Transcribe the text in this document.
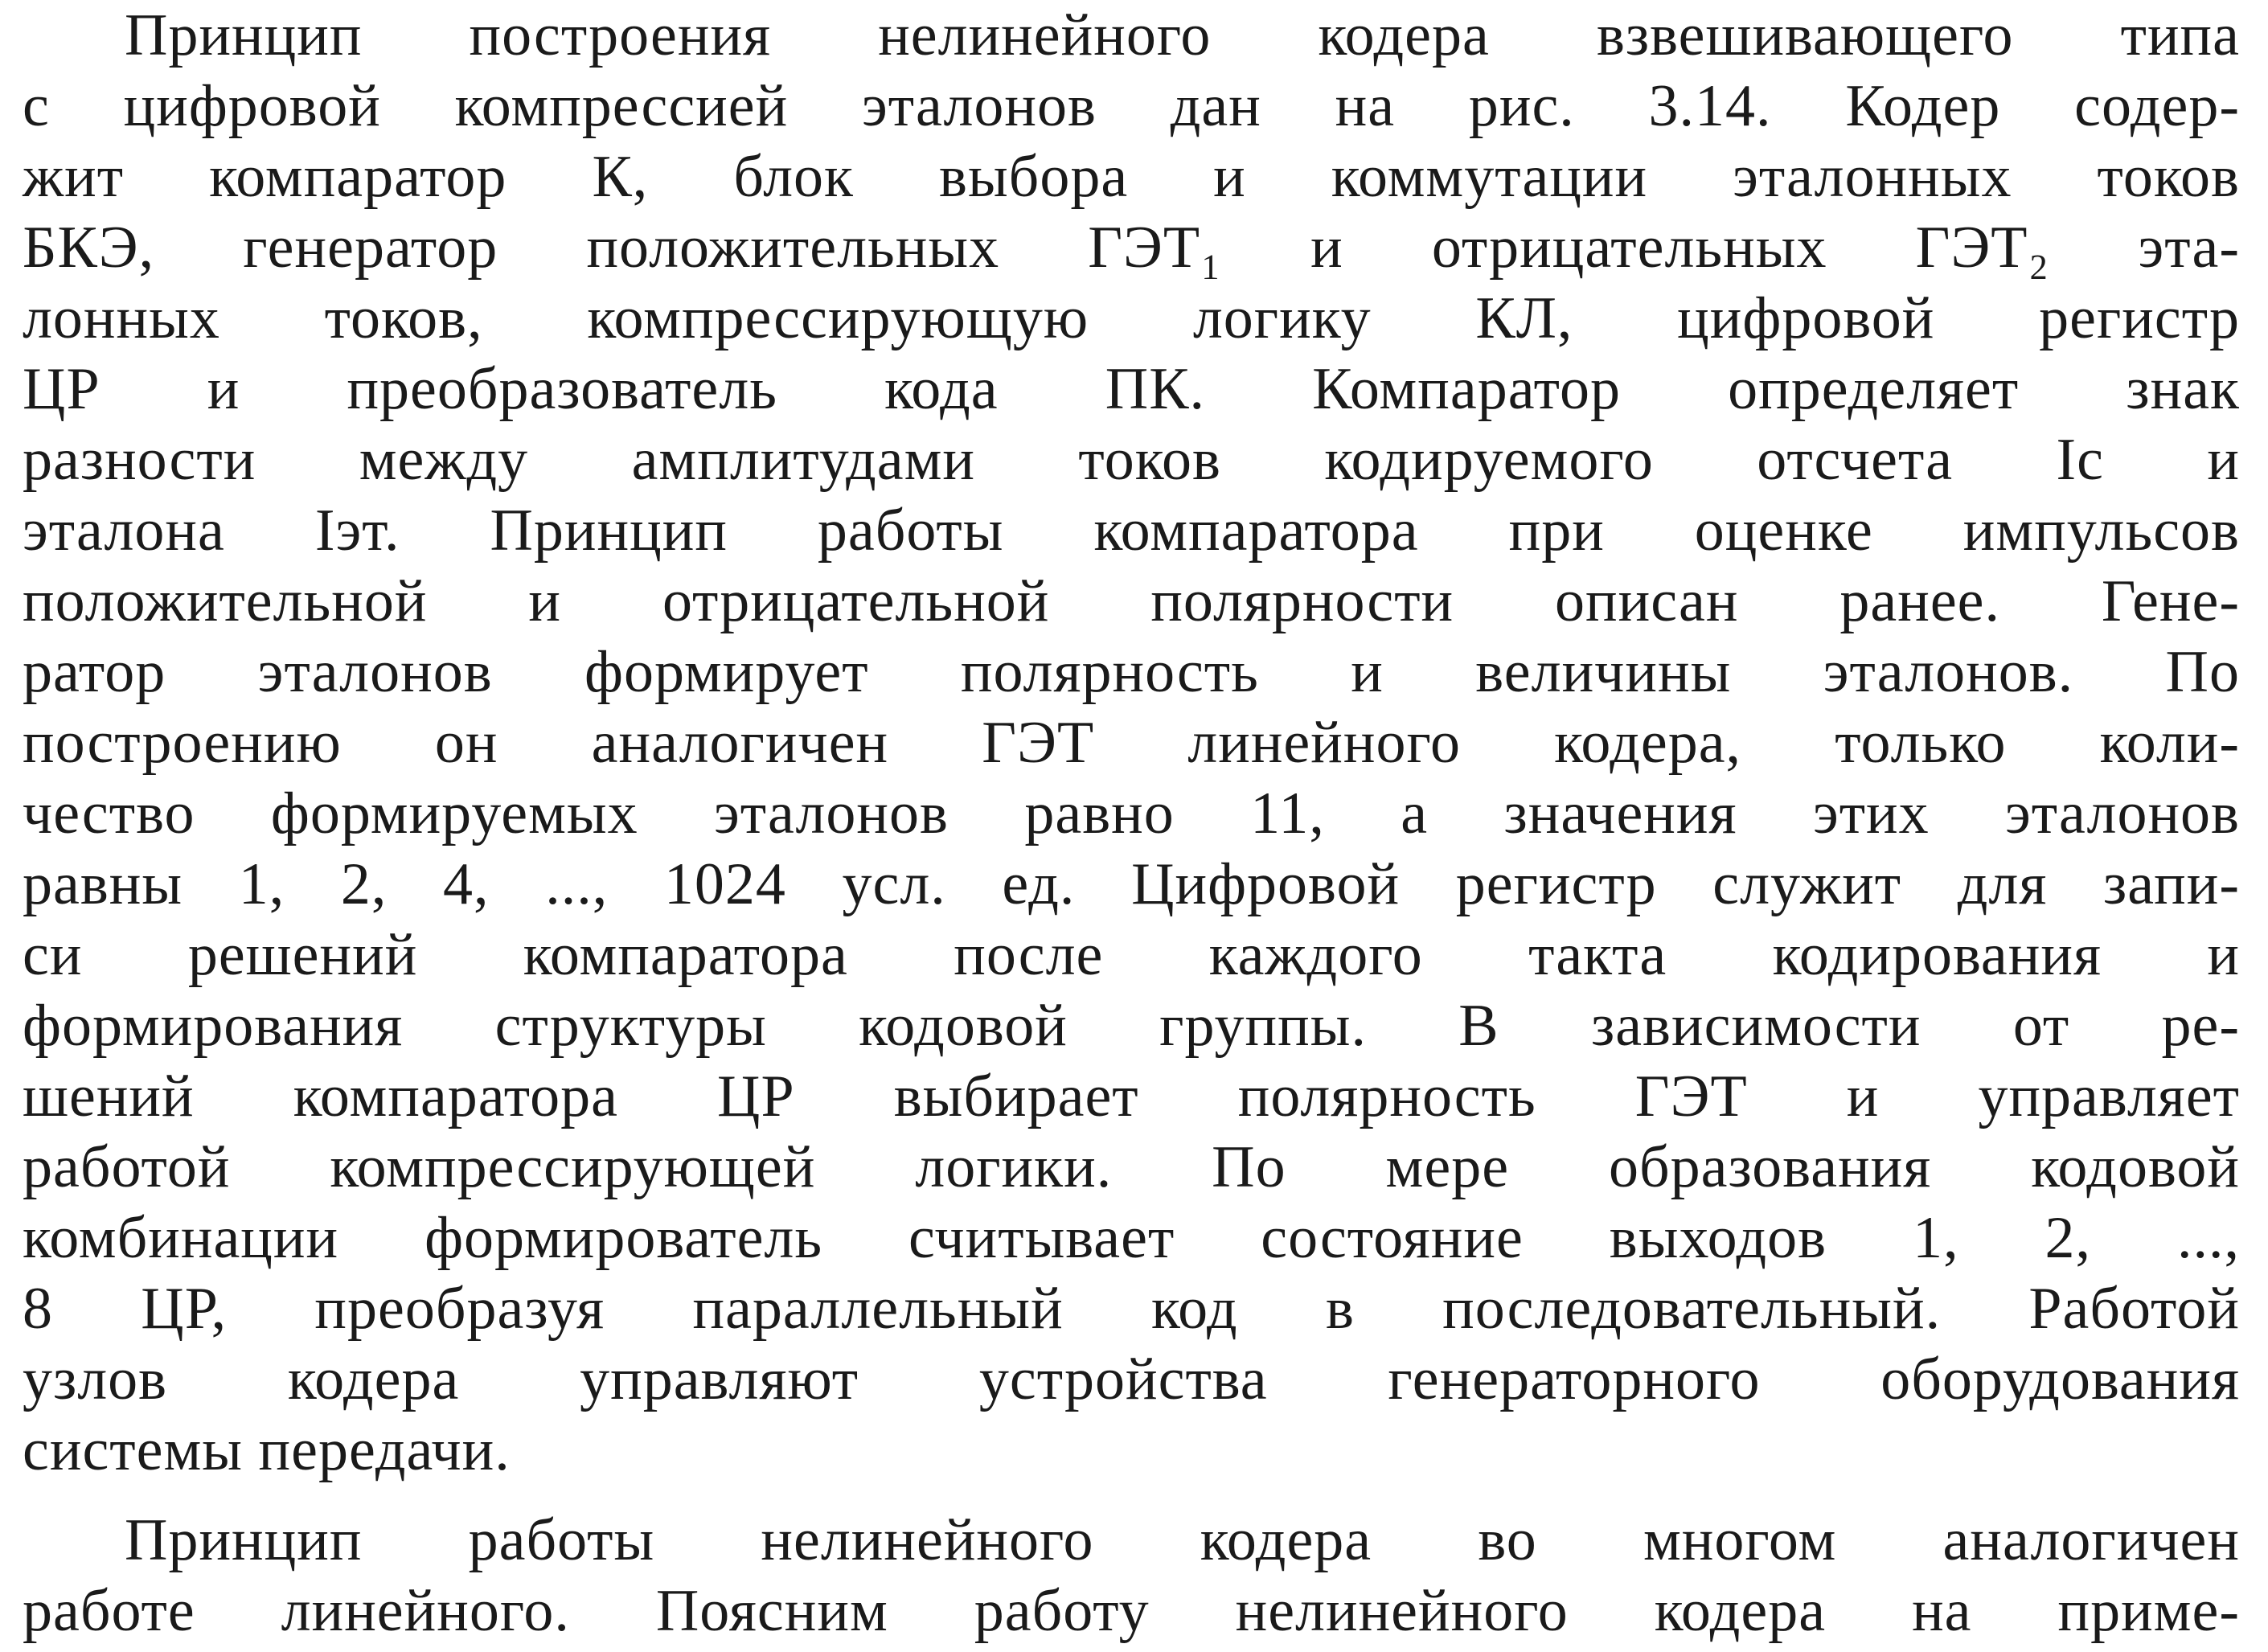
Принцип построения нелинейного кодера взвешивающего типа
с цифровой компрессией эталонов дан на рис. 3.14. Кодер содер-
жит компаратор К, блок выбора и коммутации эталонных токов
БКЭ, генератор положительных ГЭТ₁ и отрицательных ГЭТ₂ эта-
лонных токов, компрессирующую логику КЛ, цифровой регистр
ЦР и преобразователь кода ПК. Компаратор определяет знак
разности между амплитудами токов кодируемого отсчета Iс и
эталона Iэт. Принцип работы компаратора при оценке импульсов
положительной и отрицательной полярности описан ранее. Гене-
ратор эталонов формирует полярность и величины эталонов. По
построению он аналогичен ГЭТ линейного кодера, только коли-
чество формируемых эталонов равно 11, а значения этих эталонов
равны 1, 2, 4, ..., 1024 усл. ед. Цифровой регистр служит для запи-
си решений компаратора после каждого такта кодирования и
формирования структуры кодовой группы. В зависимости от ре-
шений компаратора ЦР выбирает полярность ГЭТ и управляет
работой компрессирующей логики. По мере образования кодовой
комбинации формирователь считывает состояние выходов 1, 2, ...,
8 ЦР, преобразуя параллельный код в последовательный. Работой
узлов кодера управляют устройства генераторного оборудования
системы передачи.
Принцип работы нелинейного кодера во многом аналогичен
работе линейного. Поясним работу нелинейного кодера на приме-
